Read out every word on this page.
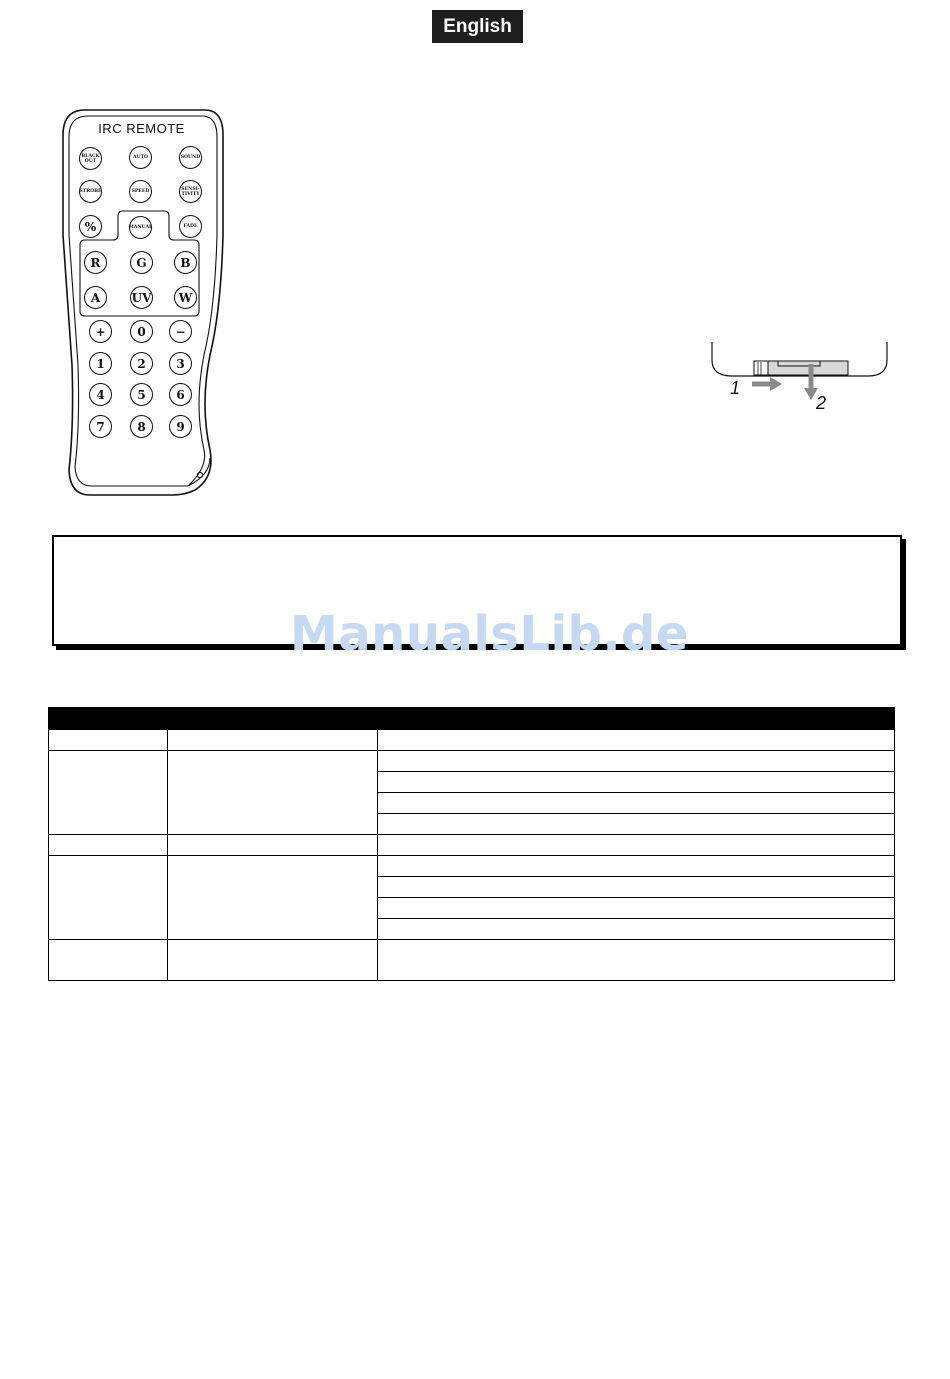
English
IRC REMOTE
BLACK OUT
AUTO	SOUND
STROBE	SPEED	SENSI-TIVITY
%	MANUAL	FADE
R	G	B
A	UV	W
+	0	−
1	2	3
4	5	6
7	8	9
1
2
ManualsLib.de
